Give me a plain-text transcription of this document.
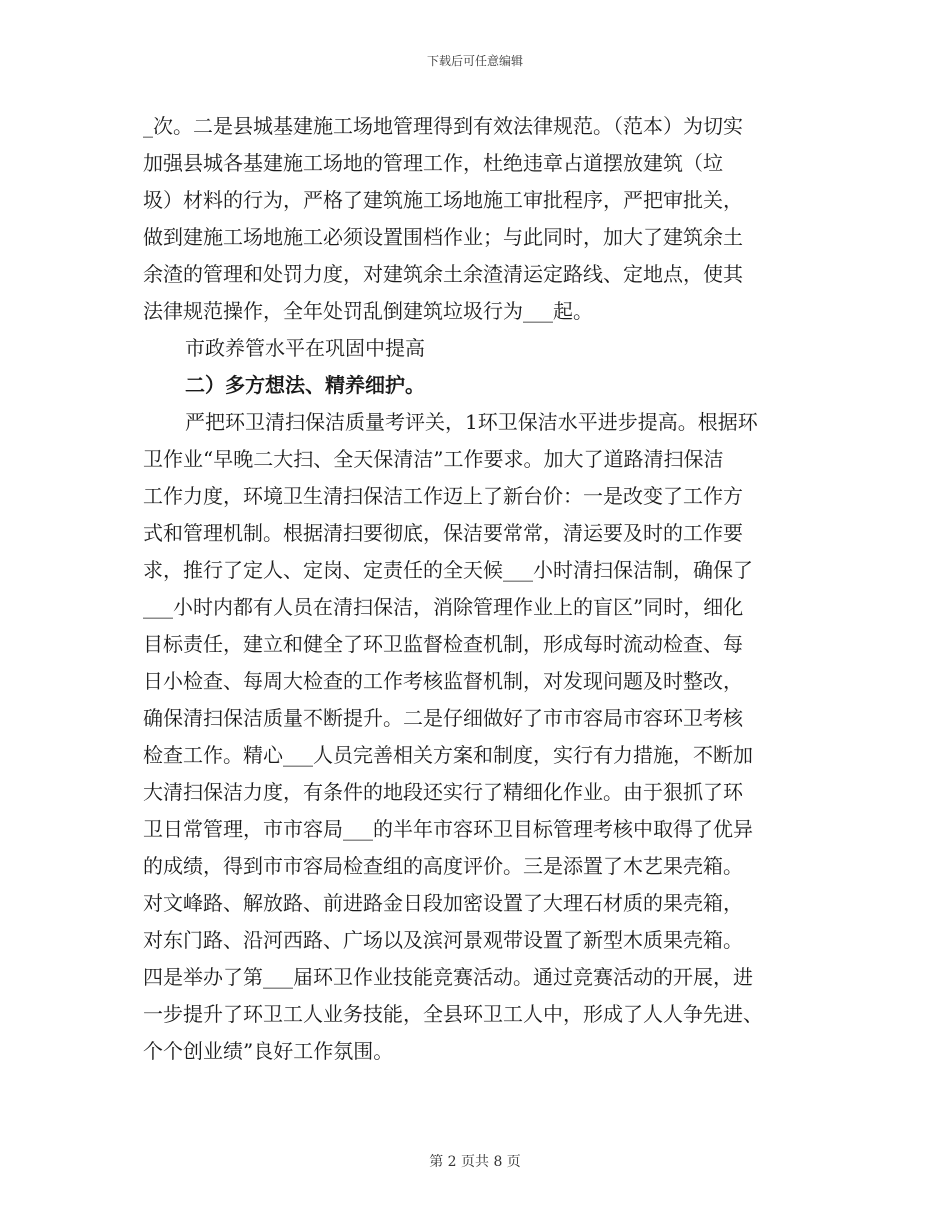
下载后可任意编辑
_次。二是县城基建施工场地管理得到有效法律规范。（范本）为切实
加强县城各基建施工场地的管理工作，杜绝违章占道摆放建筑（垃
圾）材料的行为，严格了建筑施工场地施工审批程序，严把审批关，
做到建施工场地施工必须设置围档作业；与此同时，加大了建筑余土
余渣的管理和处罚力度，对建筑余土余渣清运定路线、定地点，使其
法律规范操作，全年处罚乱倒建筑垃圾行为___起。
市政养管水平在巩固中提高
二）多方想法、精养细护。
严把环卫清扫保洁质量考评关，1环卫保洁水平进步提高。根据环
卫作业“早晚二大扫、全天保清洁”工作要求。加大了道路清扫保洁
工作力度，环境卫生清扫保洁工作迈上了新台价：一是改变了工作方
式和管理机制。根据清扫要彻底，保洁要常常，清运要及时的工作要
求，推行了定人、定岗、定责任的全天候___小时清扫保洁制，确保了
___小时内都有人员在清扫保洁，消除管理作业上的盲区”同时，细化
目标责任，建立和健全了环卫监督检查机制，形成每时流动检查、每
日小检查、每周大检查的工作考核监督机制，对发现问题及时整改，
确保清扫保洁质量不断提升。二是仔细做好了市市容局市容环卫考核
检查工作。精心___人员完善相关方案和制度，实行有力措施，不断加
大清扫保洁力度，有条件的地段还实行了精细化作业。由于狠抓了环
卫日常管理，市市容局___的半年市容环卫目标管理考核中取得了优异
的成绩，得到市市容局检查组的高度评价。三是添置了木艺果壳箱。
对文峰路、解放路、前进路金日段加密设置了大理石材质的果壳箱，
对东门路、沿河西路、广场以及滨河景观带设置了新型木质果壳箱。
四是举办了第___届环卫作业技能竞赛活动。通过竞赛活动的开展，进
一步提升了环卫工人业务技能，全县环卫工人中，形成了人人争先进、
个个创业绩”良好工作氛围。
第 2 页共 8 页
